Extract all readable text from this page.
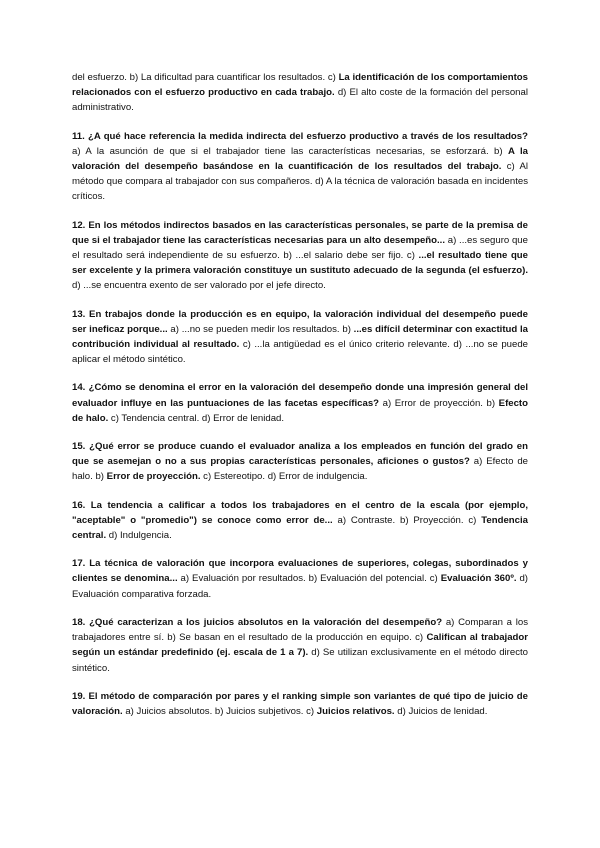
del esfuerzo. b) La dificultad para cuantificar los resultados. c) La identificación de los comportamientos relacionados con el esfuerzo productivo en cada trabajo. d) El alto coste de la formación del personal administrativo.

11. ¿A qué hace referencia la medida indirecta del esfuerzo productivo a través de los resultados? a) A la asunción de que si el trabajador tiene las características necesarias, se esforzará. b) A la valoración del desempeño basándose en la cuantificación de los resultados del trabajo. c) Al método que compara al trabajador con sus compañeros. d) A la técnica de valoración basada en incidentes críticos.

12. En los métodos indirectos basados en las características personales, se parte de la premisa de que si el trabajador tiene las características necesarias para un alto desempeño... a) ...es seguro que el resultado será independiente de su esfuerzo. b) ...el salario debe ser fijo. c) ...el resultado tiene que ser excelente y la primera valoración constituye un sustituto adecuado de la segunda (el esfuerzo). d) ...se encuentra exento de ser valorado por el jefe directo.

13. En trabajos donde la producción es en equipo, la valoración individual del desempeño puede ser ineficaz porque... a) ...no se pueden medir los resultados. b) ...es difícil determinar con exactitud la contribución individual al resultado. c) ...la antigüedad es el único criterio relevante. d) ...no se puede aplicar el método sintético.

14. ¿Cómo se denomina el error en la valoración del desempeño donde una impresión general del evaluador influye en las puntuaciones de las facetas específicas? a) Error de proyección. b) Efecto de halo. c) Tendencia central. d) Error de lenidad.

15. ¿Qué error se produce cuando el evaluador analiza a los empleados en función del grado en que se asemejan o no a sus propias características personales, aficiones o gustos? a) Efecto de halo. b) Error de proyección. c) Estereotipo. d) Error de indulgencia.

16. La tendencia a calificar a todos los trabajadores en el centro de la escala (por ejemplo, "aceptable" o "promedio") se conoce como error de... a) Contraste. b) Proyección. c) Tendencia central. d) Indulgencia.

17. La técnica de valoración que incorpora evaluaciones de superiores, colegas, subordinados y clientes se denomina... a) Evaluación por resultados. b) Evaluación del potencial. c) Evaluación 360º. d) Evaluación comparativa forzada.

18. ¿Qué caracterizan a los juicios absolutos en la valoración del desempeño? a) Comparan a los trabajadores entre sí. b) Se basan en el resultado de la producción en equipo. c) Califican al trabajador según un estándar predefinido (ej. escala de 1 a 7). d) Se utilizan exclusivamente en el método directo sintético.

19. El método de comparación por pares y el ranking simple son variantes de qué tipo de juicio de valoración. a) Juicios absolutos. b) Juicios subjetivos. c) Juicios relativos. d) Juicios de lenidad.
